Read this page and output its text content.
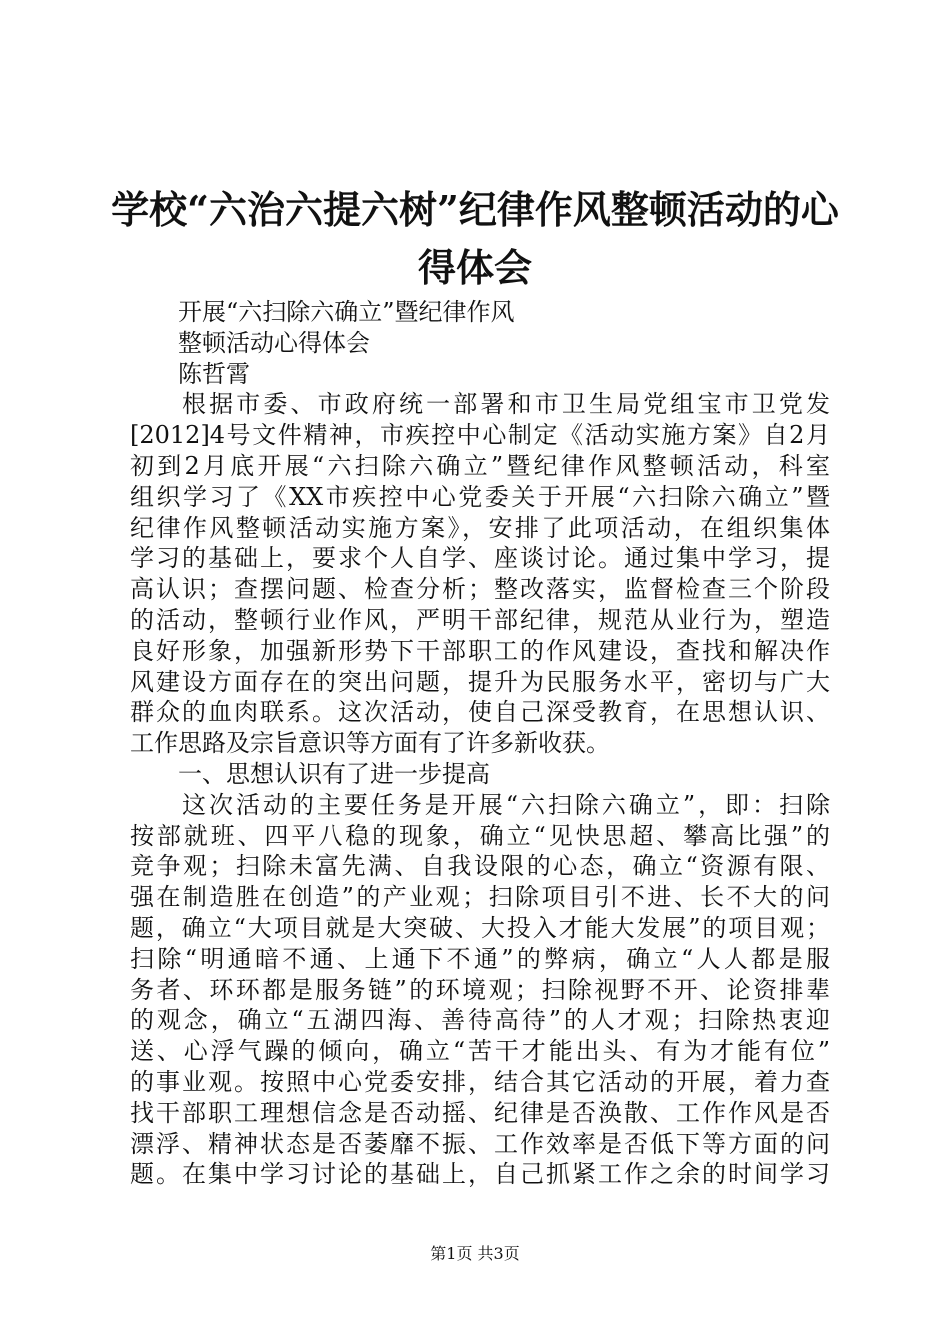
学校“六治六提六树”纪律作风整顿活动的心
得体会
开展“六扫除六确立”暨纪律作风
整顿活动心得体会
陈哲霄
根据市委、市政府统一部署和市卫生局党组宝市卫党发
[2012]4号文件精神，市疾控中心制定《活动实施方案》自2月
初到2月底开展“六扫除六确立”暨纪律作风整顿活动，科室
组织学习了《XX市疾控中心党委关于开展“六扫除六确立”暨
纪律作风整顿活动实施方案》，安排了此项活动，在组织集体
学习的基础上，要求个人自学、座谈讨论。通过集中学习，提
高认识；查摆问题、检查分析；整改落实，监督检查三个阶段
的活动，整顿行业作风，严明干部纪律，规范从业行为，塑造
良好形象，加强新形势下干部职工的作风建设，查找和解决作
风建设方面存在的突出问题，提升为民服务水平，密切与广大
群众的血肉联系。这次活动，使自己深受教育，在思想认识、
工作思路及宗旨意识等方面有了许多新收获。
一、思想认识有了进一步提高
这次活动的主要任务是开展“六扫除六确立”，即：扫除
按部就班、四平八稳的现象，确立“见快思超、攀高比强”的
竞争观；扫除未富先满、自我设限的心态，确立“资源有限、
强在制造胜在创造”的产业观；扫除项目引不进、长不大的问
题，确立“大项目就是大突破、大投入才能大发展”的项目观；
扫除“明通暗不通、上通下不通”的弊病，确立“人人都是服
务者、环环都是服务链”的环境观；扫除视野不开、论资排辈
的观念，确立“五湖四海、善待高待”的人才观；扫除热衷迎
送、心浮气躁的倾向，确立“苦干才能出头、有为才能有位”
的事业观。按照中心党委安排，结合其它活动的开展，着力查
找干部职工理想信念是否动摇、纪律是否涣散、工作作风是否
漂浮、精神状态是否萎靡不振、工作效率是否低下等方面的问
题。在集中学习讨论的基础上，自己抓紧工作之余的时间学习
第1页 共3页
